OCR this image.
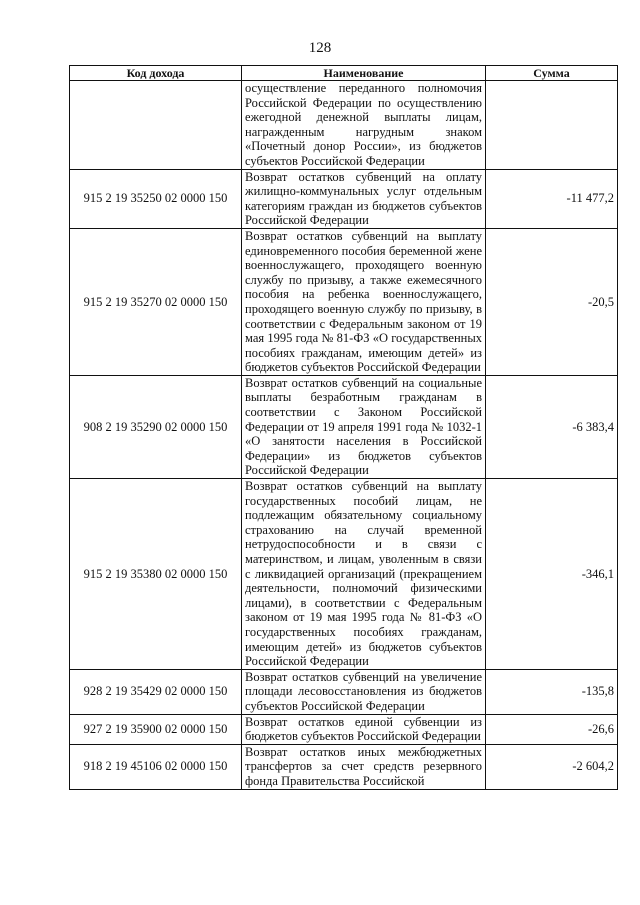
128
Код дохода	Наименование	Сумма
	осуществление переданного полномочия Российской Федерации по осуществлению ежегодной денежной выплаты лицам, награжденным нагрудным знаком «Почетный донор России», из бюджетов субъектов Российской Федерации	
915 2 19 35250 02 0000 150	Возврат остатков субвенций на оплату жилищно-коммунальных услуг отдельным категориям граждан из бюджетов субъектов Российской Федерации	-11 477,2
915 2 19 35270 02 0000 150	Возврат остатков субвенций на выплату единовременного пособия беременной жене военнослужащего, проходящего военную службу по призыву, а также ежемесячного пособия на ребенка военнослужащего, проходящего военную службу по призыву, в соответствии с Федеральным законом от 19 мая 1995 года № 81-ФЗ «О государственных пособиях гражданам, имеющим детей» из бюджетов субъектов Российской Федерации	-20,5
908 2 19 35290 02 0000 150	Возврат остатков субвенций на социальные выплаты безработным гражданам в соответствии с Законом Российской Федерации от 19 апреля 1991 года № 1032-1 «О занятости населения в Российской Федерации» из бюджетов субъектов Российской Федерации	-6 383,4
915 2 19 35380 02 0000 150	Возврат остатков субвенций на выплату государственных пособий лицам, не подлежащим обязательному социальному страхованию на случай временной нетрудоспособности и в связи с материнством, и лицам, уволенным в связи с ликвидацией организаций (прекращением деятельности, полномочий физическими лицами), в соответствии с Федеральным законом от 19 мая 1995 года № 81-ФЗ «О государственных пособиях гражданам, имеющим детей» из бюджетов субъектов Российской Федерации	-346,1
928 2 19 35429 02 0000 150	Возврат остатков субвенций на увеличение площади лесовосстановления из бюджетов субъектов Российской Федерации	-135,8
927 2 19 35900 02 0000 150	Возврат остатков единой субвенции из бюджетов субъектов Российской Федерации	-26,6
918 2 19 45106 02 0000 150	Возврат остатков иных межбюджетных трансфертов за счет средств резервного фонда Правительства Российской	-2 604,2
